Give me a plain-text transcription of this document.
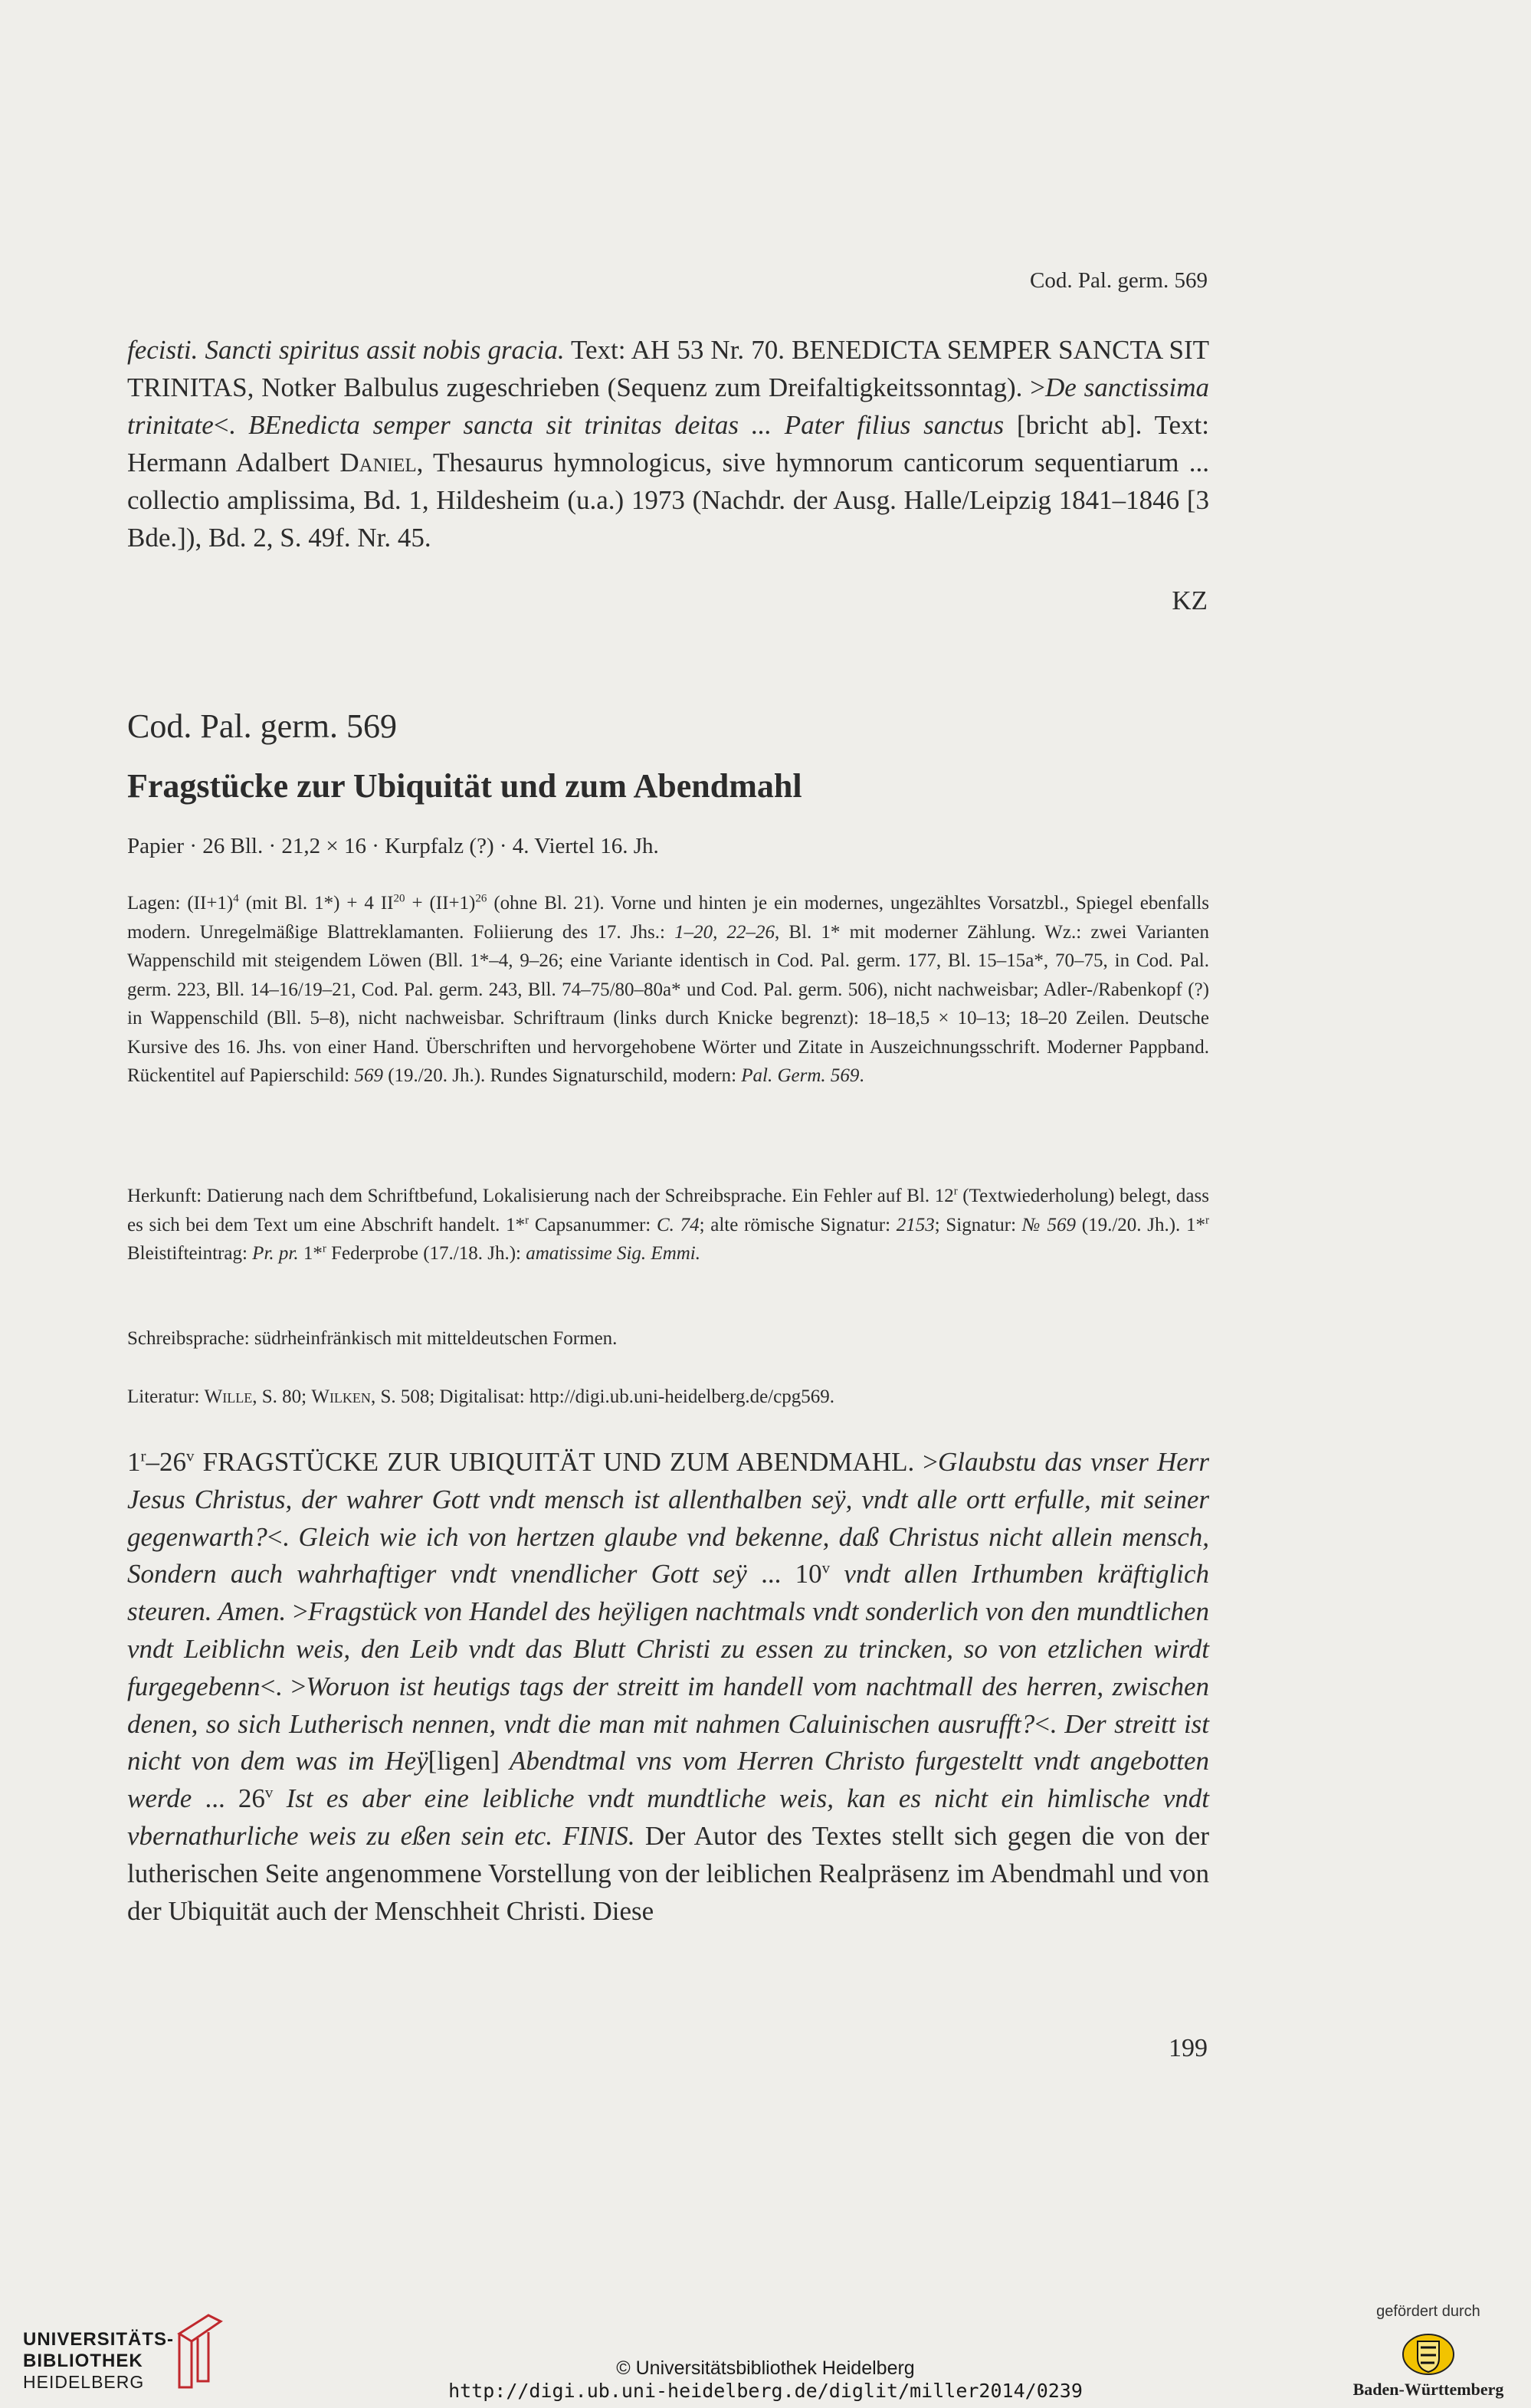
Cod. Pal. germ. 569
fecisti. Sancti spiritus assit nobis gracia. Text: AH 53 Nr. 70. BENEDICTA SEMPER SANCTA SIT TRINITAS, Notker Balbulus zugeschrieben (Sequenz zum Dreifaltigkeitssonntag). >De sanctissima trinitate<. BEnedicta semper sancta sit trinitas deitas ... Pater filius sanctus [bricht ab]. Text: Hermann Adalbert Daniel, Thesaurus hymnologicus, sive hymnorum canticorum sequentiarum ... collectio amplissima, Bd. 1, Hildesheim (u.a.) 1973 (Nachdr. der Ausg. Halle/Leipzig 1841–1846 [3 Bde.]), Bd. 2, S. 49f. Nr. 45.
KZ
Cod. Pal. germ. 569
Fragstücke zur Ubiquität und zum Abendmahl
Papier · 26 Bll. · 21,2 × 16 · Kurpfalz (?) · 4. Viertel 16. Jh.
Lagen: $(II+1)^4$ (mit Bl. 1*) + 4 $II^{20} + (II+1)^{26}$ (ohne Bl. 21). Vorne und hinten je ein modernes, ungezähltes Vorsatzbl., Spiegel ebenfalls modern. Unregelmäßige Blattreklamanten. Foliierung des 17. Jhs.: 1–20, 22–26, Bl. 1* mit moderner Zählung. Wz.: zwei Varianten Wappenschild mit steigendem Löwen (Bll. 1*–4, 9–26; eine Variante identisch in Cod. Pal. germ. 177, Bl. 15–15a*, 70–75, in Cod. Pal. germ. 223, Bll. 14–16/19–21, Cod. Pal. germ. 243, Bll. 74–75/80–80a* und Cod. Pal. germ. 506), nicht nachweisbar; Adler-/Rabenkopf (?) in Wappenschild (Bll. 5–8), nicht nachweisbar. Schriftraum (links durch Knicke begrenzt): 18–18,5 × 10–13; 18–20 Zeilen. Deutsche Kursive des 16. Jhs. von einer Hand. Überschriften und hervorgehobene Wörter und Zitate in Auszeichnungsschrift. Moderner Pappband. Rückentitel auf Papierschild: 569 (19./20. Jh.). Rundes Signaturschild, modern: Pal. Germ. 569.
Herkunft: Datierung nach dem Schriftbefund, Lokalisierung nach der Schreibsprache. Ein Fehler auf Bl. 12$^r$ (Textwiederholung) belegt, dass es sich bei dem Text um eine Abschrift handelt. 1*$^r$ Capsanummer: C. 74; alte römische Signatur: 2153; Signatur: № 569 (19./20. Jh.). 1*$^r$ Bleistifteintrag: Pr. pr. 1*$^r$ Federprobe (17./18. Jh.): amatissime Sig. Emmi.
Schreibsprache: südrheinfränkisch mit mitteldeutschen Formen.
Literatur: Wille, S. 80; Wilken, S. 508; Digitalisat: http://digi.ub.uni-heidelberg.de/cpg569.
1$^r$–26$^v$ FRAGSTÜCKE ZUR UBIQUITÄT UND ZUM ABENDMAHL. >Glaubstu das vnser Herr Jesus Christus, der wahrer Gott vndt mensch ist allenthalben seÿ, vndt alle ortt erfulle, mit seiner gegenwarth?<. Gleich wie ich von hertzen glaube vnd bekenne, daß Christus nicht allein mensch, Sondern auch wahrhaftiger vndt vnendlicher Gott seÿ ... 10$^v$ vndt allen Irthumben kräftiglich steuren. Amen. >Fragstück von Handel des heÿligen nachtmals vndt sonderlich von den mundtlichen vndt Leiblichn weis, den Leib vndt das Blutt Christi zu essen zu trincken, so von etzlichen wirdt furgegebenn<. >Woruon ist heutigs tags der streitt im handell vom nachtmall des herren, zwischen denen, so sich Lutherisch nennen, vndt die man mit nahmen Caluinischen ausrufft?<. Der streitt ist nicht von dem was im Heÿ[ligen] Abendtmal vns vom Herren Christo furgesteltt vndt angebotten werde ... 26$^v$ Ist es aber eine leibliche vndt mundtliche weis, kan es nicht ein himlische vndt vbernathurliche weis zu eßen sein etc. FINIS. Der Autor des Textes stellt sich gegen die von der lutherischen Seite angenommene Vorstellung von der leiblichen Realpräsenz im Abendmahl und von der Ubiquität auch der Menschheit Christi. Diese
199
UNIVERSITÄTS-
BIBLIOTHEK
HEIDELBERG
© Universitätsbibliothek Heidelberg
http://digi.ub.uni-heidelberg.de/diglit/miller2014/0239
gefördert durch
Baden-Württemberg
